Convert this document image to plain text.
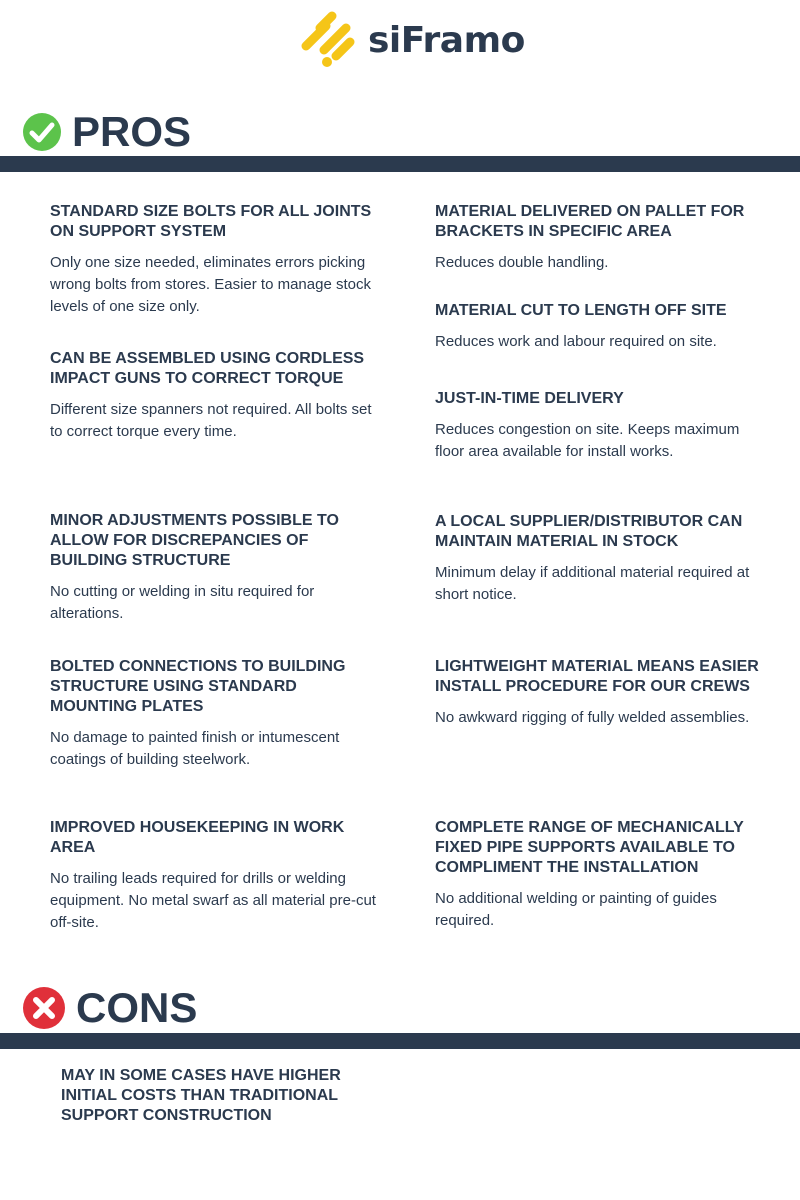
siFramo
PROS
STANDARD SIZE BOLTS FOR ALL JOINTS ON SUPPORT SYSTEM

Only one size needed, eliminates errors picking wrong bolts from stores. Easier to manage stock levels of one size only.

MATERIAL DELIVERED ON PALLET FOR BRACKETS IN SPECIFIC AREA

Reduces double handling.

MATERIAL CUT TO LENGTH OFF SITE

Reduces work and labour required on site.

CAN BE ASSEMBLED USING CORDLESS IMPACT GUNS TO CORRECT TORQUE

Different size spanners not required. All bolts set to correct torque every time.

JUST-IN-TIME DELIVERY

Reduces congestion on site. Keeps maximum floor area available for install works.

MINOR ADJUSTMENTS POSSIBLE TO ALLOW FOR DISCREPANCIES OF BUILDING STRUCTURE

No cutting or welding in situ required for alterations.

A LOCAL SUPPLIER/DISTRIBUTOR CAN MAINTAIN MATERIAL IN STOCK

Minimum delay if additional material required at short notice.

BOLTED CONNECTIONS TO BUILDING STRUCTURE USING STANDARD MOUNTING PLATES

No damage to painted finish or intumescent coatings of building steelwork.

LIGHTWEIGHT MATERIAL MEANS EASIER INSTALL PROCEDURE FOR OUR CREWS

No awkward rigging of fully welded assemblies.

IMPROVED HOUSEKEEPING IN WORK AREA

No trailing leads required for drills or welding equipment. No metal swarf as all material pre-cut off-site.

COMPLETE RANGE OF MECHANICALLY FIXED PIPE SUPPORTS AVAILABLE TO COMPLIMENT THE INSTALLATION

No additional welding or painting of guides required.

CONS
MAY IN SOME CASES HAVE HIGHER INITIAL COSTS THAN TRADITIONAL SUPPORT CONSTRUCTION
